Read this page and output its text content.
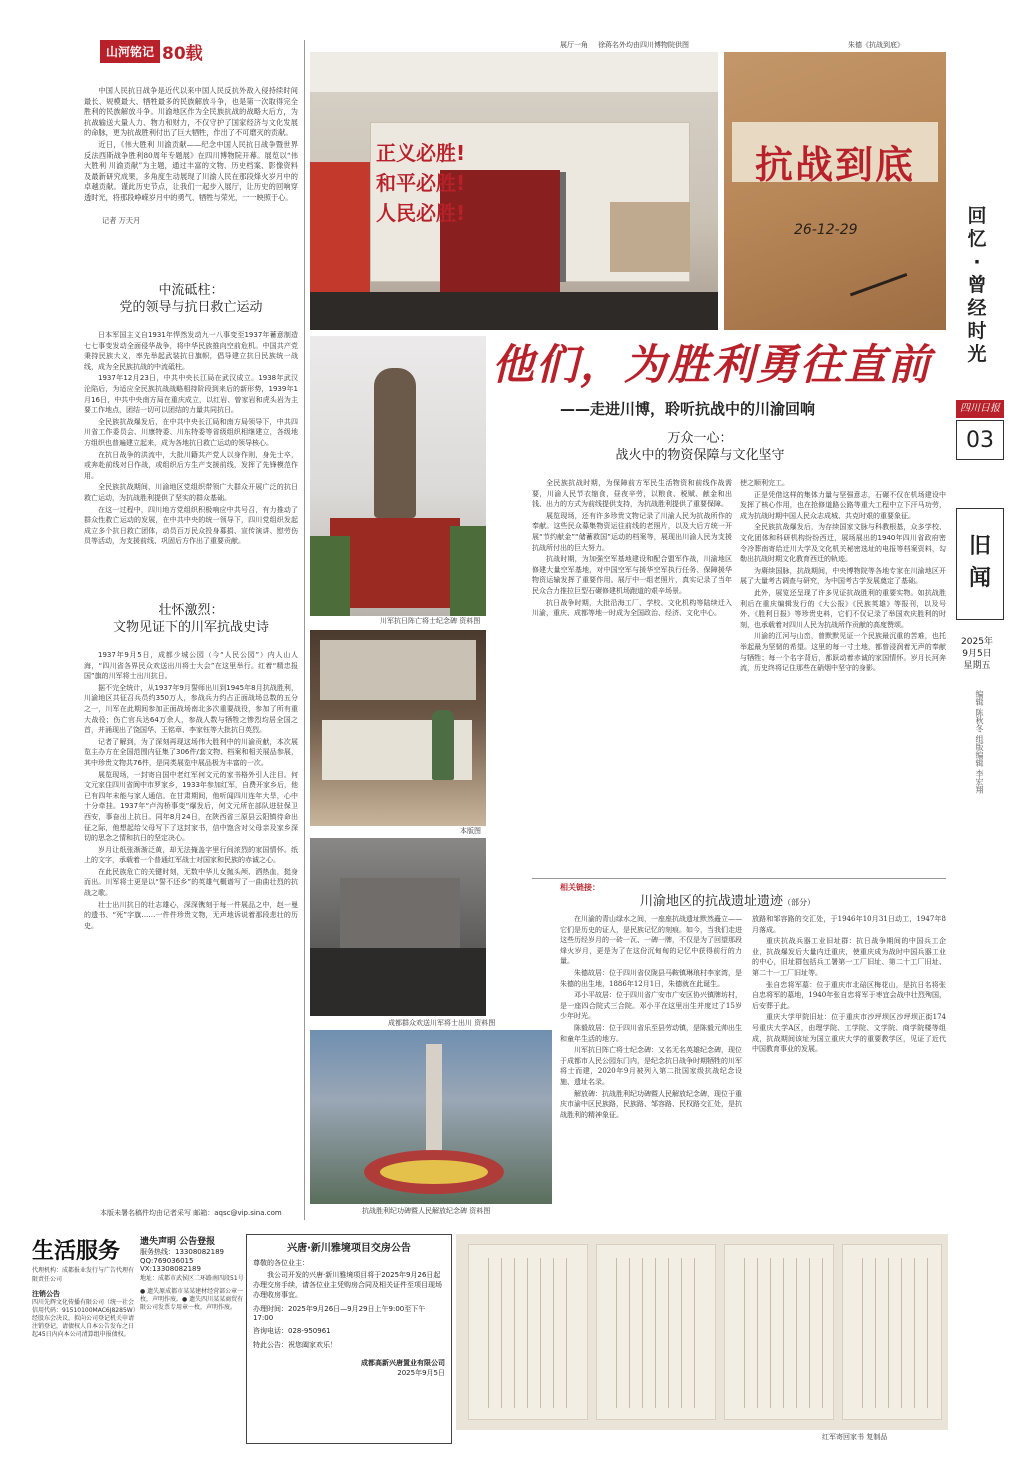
山河铭记 80载

中国人民抗日战争是近代以来中国人民反抗外敌入侵持续时间最长、规模最大、牺牲最多的民族解放斗争，也是第一次取得完全胜利的民族解放斗争。川渝地区作为全民族抗战的战略大后方，为抗战输送大量人力、物力和财力，不仅守护了国家经济与文化发展的命脉，更为抗战胜利付出了巨大牺牲，作出了不可磨灭的贡献。

近日，《伟大胜利 川渝贡献——纪念中国人民抗日战争暨世界反法西斯战争胜利80周年专题展》在四川博物院开幕。展览以“伟大胜利 川渝贡献”为主题，通过丰富的文物、历史档案、影像资料及最新研究成果，多角度生动展现了川渝人民在那段烽火岁月中的卓越贡献。谨此历史节点，让我们一起步入展厅，让历史的回响穿透时光，将那段峥嵘岁月中的勇气、牺牲与荣光，一一映照于心。

记者 万天月

中流砥柱：
党的领导与抗日救亡运动

日本军国主义自1931年悍然发动九一八事变至1937年蓄意制造七七事变发动全面侵华战争，将中华民族推向空前危机。中国共产党秉持民族大义，率先举起武装抗日旗帜，倡导建立抗日民族统一战线，成为全民族抗战的中流砥柱。

1937年12月23日，中共中央长江局在武汉成立。1938年武汉沦陷后，为适应全民族抗战战略相持阶段到来后的新形势，1939年1月16日，中共中央南方局在重庆成立，以红岩、曾家岩和虎头岩为主要工作地点，团结一切可以团结的力量共同抗日。

全民族抗战爆发后，在中共中央长江局和南方局领导下，中共四川省工作委员会、川康特委、川东特委等省级组织相继建立，各级地方组织也普遍建立起来，成为各地抗日救亡运动的领导核心。

在抗日战争的洪流中，大批川籍共产党人以身作则，身先士卒，或奔赴前线对日作战，或组织后方生产支援前线，发挥了先锋模范作用。

全民族抗战期间，川渝地区党组织带领广大群众开展广泛的抗日救亡运动，为抗战胜利提供了坚实的群众基础。

在这一过程中，四川地方党组织积极响应中共号召，有力推动了群众性救亡运动的发展，在中共中央的统一领导下，四川党组织发起成立多个抗日救亡团体，动员百万民众投身募捐、宣传演讲、慰劳伤员等活动，为支援前线、巩固后方作出了重要贡献。

壮怀激烈：
文物见证下的川军抗战史诗

1937年9月5日，成都少城公园（今“人民公园”）内人山人海，“四川省各界民众欢送出川将士大会”在这里举行。红着“精忠报国”旗的川军将士出川抗日。

据不完全统计，从1937年9月誓师出川到1945年8月抗战胜利，川渝地区共征召兵员约350万人，参战兵力约占正面战场总数的五分之一，川军在此期间参加正面战场南北多次重要战役，参加了所有重大战役；伤亡官兵达64万余人，参战人数与牺牲之惨烈均居全国之首，并涌现出了饶国华、王铭章、李家钰等大批抗日英烈。

记者了解到，为了深刻再现这场伟大胜利中的川渝贡献，本次展览主办方在全国范围内征集了306件/套文物、档案和相关展品参展，其中珍贵文物共76件，是同类展览中展品极为丰富的一次。

展览现场，一封寄自国中老红军何文元的家书格外引人注目。何文元家住四川省阆中市罗家乡，1933年参加红军，自费开家乡后，他已有四年未能与家人通信。在甘肃期间，他听闻四川连年大旱，心中十分牵挂。1937年“卢沟桥事变”爆发后，何文元所在部队进驻保卫西安，事奋出上抗日。同年8月24日，在陕西省三原县云阳镇待命出征之际，他想起给父母写下了这封家书，信中饱含对父母亲及家乡深切的思念之情和抗日的坚定决心。

岁月让纸张渐渐泛黄，却无法掩盖字里行间浓烈的家国情怀。纸上的文字，承载着一个普通红军战士对国家和民族的赤诚之心。

在此民族危亡的关键时刻，无数中华儿女抛头颅、洒热血，挺身而出。川军将士更是以“誓不还乡”的英雄气概谱写了一曲曲壮烈的抗战之歌。

壮士出川抗日的壮志雄心，深深镌刻于每一件展品之中，赵一曼的遗书、“死”字旗……一件件珍贵文物，无声地诉说着那段悲壮的历史。

本版未署名稿件均由记者采写 邮箱：aqsc@vip.sina.com
展厅一角 徐蒋名外均由四川博物院供图	朱德《抗战到底》
正义必胜!
和平必胜!
人民必胜!
抗战到底
26-12-29
他们，为胜利勇往直前
——走进川博，聆听抗战中的川渝回响
川军抗日阵亡将士纪念碑 资料图
本版图
成都群众欢送川军将士出川 资料图
抗战胜利纪功碑暨人民解放纪念碑 资料图
万众一心：
战火中的物资保障与文化坚守

全民族抗战时期，为保障前方军民生活物资和前线作战需要，川渝人民节衣缩食，昼夜辛劳，以粮食、税赋、献金和出钱、出力的方式为前线提供支持，为抗战胜利提供了重要保障。

展览现场，还有许多珍贵文物记录了川渝人民为抗战所作的奉献。这些民众募集物资运往前线的老照片，以及大后方统一开展“节约献金”“储蓄救国”运动的档案等，展现出川渝人民为支援抗战所付出的巨大努力。

抗战时期，为加强空军基地建设和配合盟军作战，川渝地区修建大量空军基地，对中国空军与援华空军执行任务、保障援华物资运输发挥了重要作用。展厅中一组老照片，真实记录了当年民众合力推拉巨型石碾修建机场跑道的艰辛场景。

抗日战争时期，大批沿海工厂、学校、文化机构等陆续迁入川渝，重庆、成都等地一时成为全国政治、经济、文化中心。

使之顺利完工。

正是凭借这样的集体力量与坚强意志，石碾不仅在机场建设中发挥了核心作用，也在抢修道路公路等重大工程中立下汗马功劳，成为抗战时期中国人民众志成城、共克时艰的重要象征。

全民族抗战爆发后，为存续国家文脉与科教根基，众多学校、文化团体和科研机构纷纷西迁，展场展出的1940年四川省政府密令冷葬南寄给迁川大学及文化机关秘密选址的电报等档案资料，勾勒出抗战时期文化教育西迁的轨迹。

为赓续国脉，抗战期间，中央博物院等各地专家在川渝地区开展了大量考古调查与研究，为中国考古学发展奠定了基础。

此外，展览还呈现了许多见证抗战胜利的重要实物。如抗战胜利后在重庆编辑发行的《大公报》《民族英雄》等报刊，以及号外、《胜利日报》等珍贵史料，它们不仅记录了举国欢庆胜利的时刻，也承载着对四川人民为抗战所作贡献的高度赞颂。

川渝的江河与山峦，曾默默见证一个民族最沉重的苦难，也托举起最为坚韧的希望。这里的每一寸土地，都曾浸润着无声的奉献与牺牲；每一个名字背后，都跃动着赤诚的家国情怀。岁月长河奔流，历史终将记住那些在硝烟中坚守的身影。

相关链接：
川渝地区的抗战遗址遗迹（部分）

在川渝的青山绿水之间，一座座抗战遗址默然矗立——它们是历史的证人，是民族记忆的刻痕。如今，当我们走进这些历经岁月的一砖一瓦、一碑一牌，不仅是为了回望那段烽火岁月，更是为了在这份沉甸甸的记忆中获得前行的力量。

朱德故居：位于四川省仪陇县马鞍镇琳琅村李家湾，是朱德的出生地，1886年12月1日，朱德就在此诞生。

邓小平故居：位于四川省广安市广安区协兴镇牌坊村，是一座四合院式三合院。邓小平在这里出生并度过了15岁少年时光。

陈毅故居：位于四川省乐至县劳动镇，是陈毅元帅出生和童年生活的地方。

川军抗日阵亡将士纪念碑：又名无名英雄纪念碑，现位于成都市人民公园东门内，是纪念抗日战争时期牺牲的川军将士而建，2020年9月被列入第二批国家级抗战纪念设施、遗址名录。

解放碑：抗战胜利纪功碑暨人民解放纪念碑，现位于重庆市渝中区民族路，民族路、邹容路、民权路交汇处，是抗战胜利的精神象征。

放路和邹容路的交汇处，于1946年10月31日动工，1947年8月落成。

重庆抗战兵器工业旧址群：抗日战争期间的中国兵工企业，抗战爆发后大量内迁重庆，使重庆成为战时中国兵器工业的中心，旧址群包括兵工署第一工厂旧址、第二十工厂旧址、第二十一工厂旧址等。

张自忠将军墓：位于重庆市北碚区梅花山，是抗日名将张自忠将军的墓地，1940年张自忠将军于枣宜会战中壮烈殉国，后安葬于此。

重庆大学甲院旧址：位于重庆市沙坪坝区沙坪坝正街174号重庆大学A区，由理学院、工学院、文学院、商学院楼等组成，抗战期间该址为国立重庆大学的重要教学区，见证了近代中国教育事业的发展。

回
忆
·
曾
经
时
光
四川日报
03
旧
闻
2025年
9月5日
星期五
编辑 陈秋冬 组版编辑 李宏翔
生活服务
代理机构：成都报业发行与广告代理有限责任公司
注销公告
四川先辉文化传播有限公司（统一社会信用代码：91510100MAC6J8285W）经股东会决议，拟向公司登记机关申请注销登记，请债权人自本公告发布之日起45日内向本公司清算组申报债权。
遗失声明 公告登报
服务热线：13308082189
QQ:769036015
VX:13308082189
地址：成都市武侯区二环路南四段51号
● 遗失原成都市某某建材经营部公章一枚，声明作废。● 遗失四川某某商贸有限公司发票专用章一枚，声明作废。
兴唐·新川雅境项目交房公告
尊敬的各位业主：
我公司开发的兴唐·新川雅境项目将于2025年9月26日起办理交房手续，请各位业主凭购房合同及相关证件至项目现场办理收房事宜。
办理时间：2025年9月26日—9月29日上午9:00至下午17:00
咨询电话：028-950961
特此公告：祝您阖家欢乐！
成都高新兴唐置业有限公司
2025年9月5日
红军寄回家书 复制品
